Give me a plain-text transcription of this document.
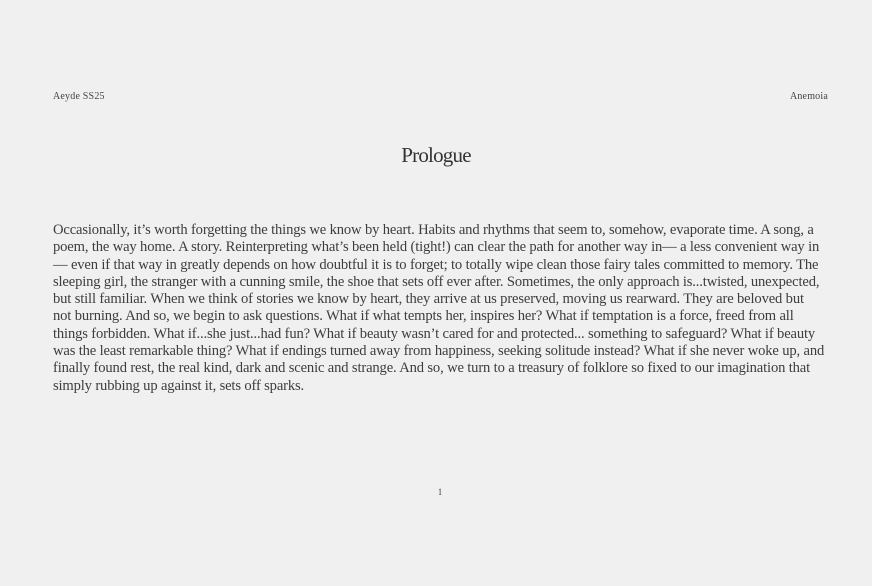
Aeyde SS25	Anemoia
Prologue

Occasionally, it’s worth forgetting the things we know by heart. Habits and rhythms that seem to, somehow, evaporate time. A song, a poem, the way home. A story. Reinterpreting what’s been held (tight!) can clear the path for another way in— a less convenient way in— even if that way in greatly depends on how doubtful it is to forget; to totally wipe clean those fairy tales committed to memory. The sleeping girl, the stranger with a cunning smile, the shoe that sets off ever after. Sometimes, the only approach is...twisted, unexpected, but still familiar. When we think of stories we know by heart, they arrive at us preserved, moving us rearward. They are beloved but not burning. And so, we begin to ask questions. What if what tempts her, inspires her? What if temptation is a force, freed from all things forbidden. What if...she just...had fun? What if beauty wasn’t cared for and protected... something to safeguard? What if beauty was the least remarkable thing? What if endings turned away from happiness, seeking solitude instead? What if she never woke up, and finally found rest, the real kind, dark and scenic and strange. And so, we turn to a treasury of folklore so fixed to our imagination that simply rubbing up against it, sets off sparks.

1
